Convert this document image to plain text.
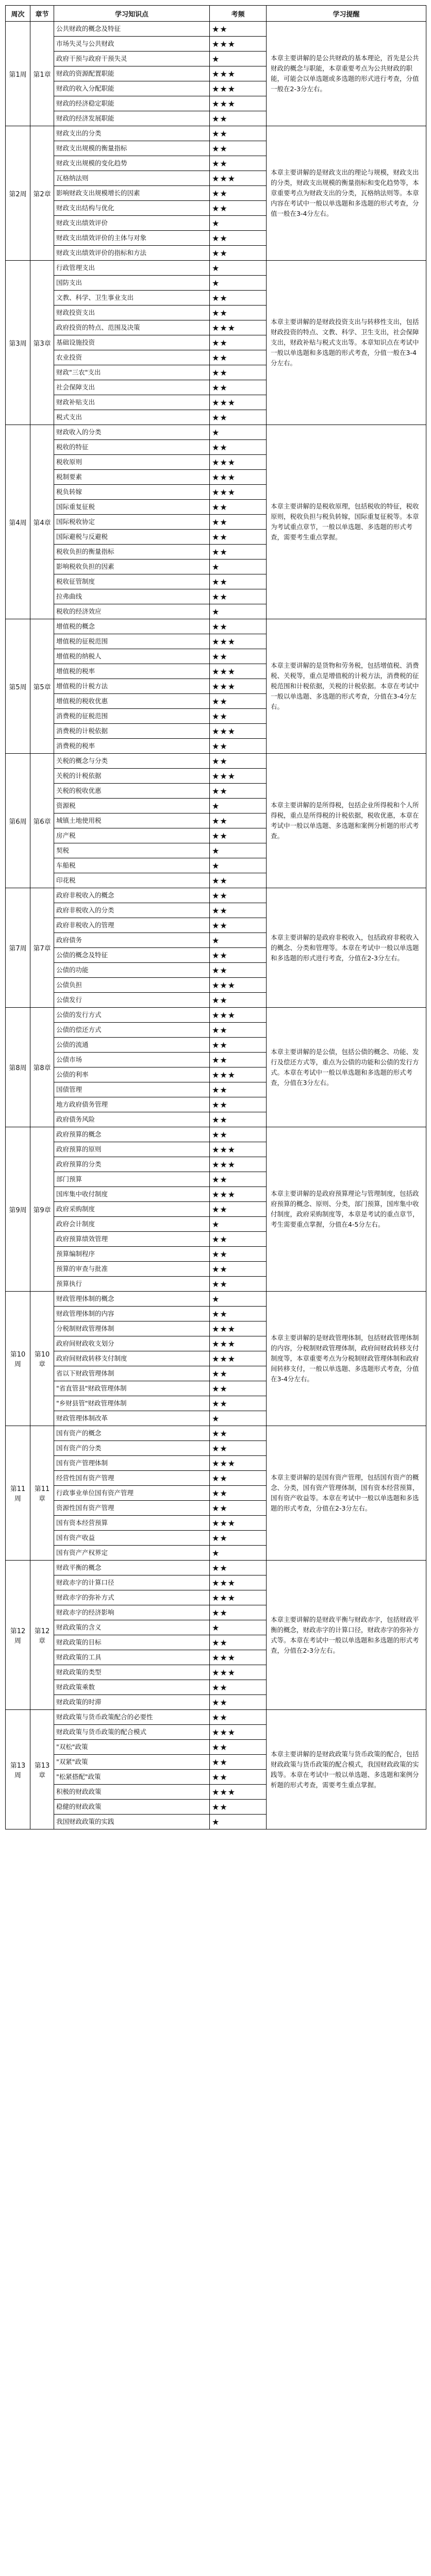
周次	章节	学习知识点	考频	学习提醒
第1周	第1章	公共财政的概念及特征	★★	本章主要讲解的是公共财政的基本理论，首先是公共财政的概念与职能，本章重要考点为公共财政的职能，可能会以单选题或多选题的形式进行考查，分值一般在2-3分左右。
		市场失灵与公共财政	★★★	
		政府干预与政府干预失灵	★	
		财政的资源配置职能	★★★	
		财政的收入分配职能	★★★	
		财政的经济稳定职能	★★★	
		财政的经济发展职能	★★	
第2周	第2章	财政支出的分类	★★	本章主要讲解的是财政支出的理论与规模，财政支出的分类，财政支出规模的衡量指标和变化趋势等，本章重要考点为财政支出的分类，瓦格纳法则等。本章内容在考试中一般以单选题和多选题的形式考查，分值一般在3-4分左右。
		财政支出规模的衡量指标	★★	
		财政支出规模的变化趋势	★★	
		瓦格纳法则	★★★	
		影响财政支出规模增长的因素	★★	
		财政支出结构与优化	★★	
		财政支出绩效评价	★	
		财政支出绩效评价的主体与对象	★★	
		财政支出绩效评价的指标和方法	★★	
第3周	第3章	行政管理支出	★	本章主要讲解的是财政投资支出与转移性支出，包括财政投资的特点、文教、科学、卫生支出，社会保障支出，财政补贴与税式支出等。本章知识点在考试中一般以单选题和多选题的形式考查，分值一般在3-4分左右。
		国防支出	★	
		文教、科学、卫生事业支出	★★	
		财政投资支出	★★	
		政府投资的特点、范围及决策	★★★	
		基础设施投资	★★	
		农业投资	★★	
		财政"三农"支出	★★	
		社会保障支出	★★	
		财政补贴支出	★★★	
		税式支出	★★	
第4周	第4章	财政收入的分类	★	本章主要讲解的是税收原理，包括税收的特征，税收原则，税收负担与税负转嫁，国际重复征税等。本章为考试重点章节，一般以单选题、多选题的形式考查，需要考生重点掌握。
		税收的特征	★★	
		税收原则	★★★	
		税制要素	★★★	
		税负转嫁	★★★	
		国际重复征税	★★	
		国际税收协定	★★	
		国际避税与反避税	★★	
		税收负担的衡量指标	★★	
		影响税收负担的因素	★	
		税收征管制度	★★	
		拉弗曲线	★★	
		税收的经济效应	★	
第5周	第5章	增值税的概念	★★	本章主要讲解的是货物和劳务税，包括增值税、消费税、关税等，重点是增值税的计税方法，消费税的征税范围和计税依据，关税的计税依据。本章在考试中一般以单选题、多选题的形式考查，分值在3-4分左右。
		增值税的征税范围	★★★	
		增值税的纳税人	★★	
		增值税的税率	★★★	
		增值税的计税方法	★★★	
		增值税的税收优惠	★★	
		消费税的征税范围	★★	
		消费税的计税依据	★★★	
		消费税的税率	★★	
第6周	第6章	关税的概念与分类	★★	本章主要讲解的是所得税，包括企业所得税和个人所得税，重点是所得税的计税依据，税收优惠，本章在考试中一般以单选题、多选题和案例分析题的形式考查。
		关税的计税依据	★★★	
		关税的税收优惠	★★	
		资源税	★	
		城镇土地使用税	★★	
		房产税	★★	
		契税	★	
		车船税	★	
		印花税	★★	
第7周	第7章	政府非税收入的概念	★★	本章主要讲解的是政府非税收入，包括政府非税收入的概念、分类和管理等。本章在考试中一般以单选题和多选题的形式进行考查，分值在2-3分左右。
		政府非税收入的分类	★★	
		政府非税收入的管理	★★	
		政府债务	★	
		公债的概念及特征	★★	
		公债的功能	★★	
		公债负担	★★★	
		公债发行	★★	
第8周	第8章	公债的发行方式	★★★	本章主要讲解的是公债，包括公债的概念、功能、发行及偿还方式等，重点为公债的功能和公债的发行方式。本章在考试中一般以单选题和多选题的形式考查，分值在3分左右。
		公债的偿还方式	★★	
		公债的流通	★★	
		公债市场	★★	
		公债的利率	★★★	
		国债管理	★★	
		地方政府债务管理	★★	
		政府债务风险	★★	
第9周	第9章	政府预算的概念	★★	本章主要讲解的是政府预算理论与管理制度，包括政府预算的概念、原则、分类，部门预算，国库集中收付制度，政府采购制度等，本章是考试的重点章节，考生需要重点掌握，分值在4-5分左右。
		政府预算的原则	★★★	
		政府预算的分类	★★★	
		部门预算	★★	
		国库集中收付制度	★★★	
		政府采购制度	★★	
		政府会计制度	★	
		政府预算绩效管理	★★	
		预算编制程序	★★	
		预算的审查与批准	★★	
		预算执行	★★	
第10周	第10章	财政管理体制的概念	★	本章主要讲解的是财政管理体制，包括财政管理体制的内容，分税制财政管理体制，政府间财政转移支付制度等，本章重要考点为分税制财政管理体制和政府间转移支付，一般以单选题、多选题形式考查，分值在3-4分左右。
		财政管理体制的内容	★★	
		分税制财政管理体制	★★★	
		政府间财政收支划分	★★★	
		政府间财政转移支付制度	★★★	
		省以下财政管理体制	★★	
		"省直管县"财政管理体制	★★	
		"乡财县管"财政管理体制	★★	
		财政管理体制改革	★	
第11周	第11章	国有资产的概念	★★	本章主要讲解的是国有资产管理，包括国有资产的概念、分类，国有资产管理体制，国有资本经营预算，国有资产收益等。本章在考试中一般以单选题和多选题的形式考查，分值在2-3分左右。
		国有资产的分类	★★	
		国有资产管理体制	★★★	
		经营性国有资产管理	★★	
		行政事业单位国有资产管理	★★	
		资源性国有资产管理	★★	
		国有资本经营预算	★★★	
		国有资产收益	★★	
		国有资产产权界定	★	
第12周	第12章	财政平衡的概念	★★	本章主要讲解的是财政平衡与财政赤字，包括财政平衡的概念，财政赤字的计算口径，财政赤字的弥补方式等。本章在考试中一般以单选题和多选题的形式考查，分值在2-3分左右。
		财政赤字的计算口径	★★★	
		财政赤字的弥补方式	★★★	
		财政赤字的经济影响	★★	
		财政政策的含义	★	
		财政政策的目标	★★	
		财政政策的工具	★★★	
		财政政策的类型	★★★	
		财政政策乘数	★★	
		财政政策的时滞	★★	
第13周	第13章	财政政策与货币政策配合的必要性	★★	本章主要讲解的是财政政策与货币政策的配合，包括财政政策与货币政策的配合模式，我国财政政策的实践等。本章在考试中一般以单选题、多选题和案例分析题的形式考查，需要考生重点掌握。
		财政政策与货币政策的配合模式	★★★	
		"双松"政策	★★	
		"双紧"政策	★★	
		"松紧搭配"政策	★★	
		积极的财政政策	★★★	
		稳健的财政政策	★★	
		我国财政政策的实践	★	
